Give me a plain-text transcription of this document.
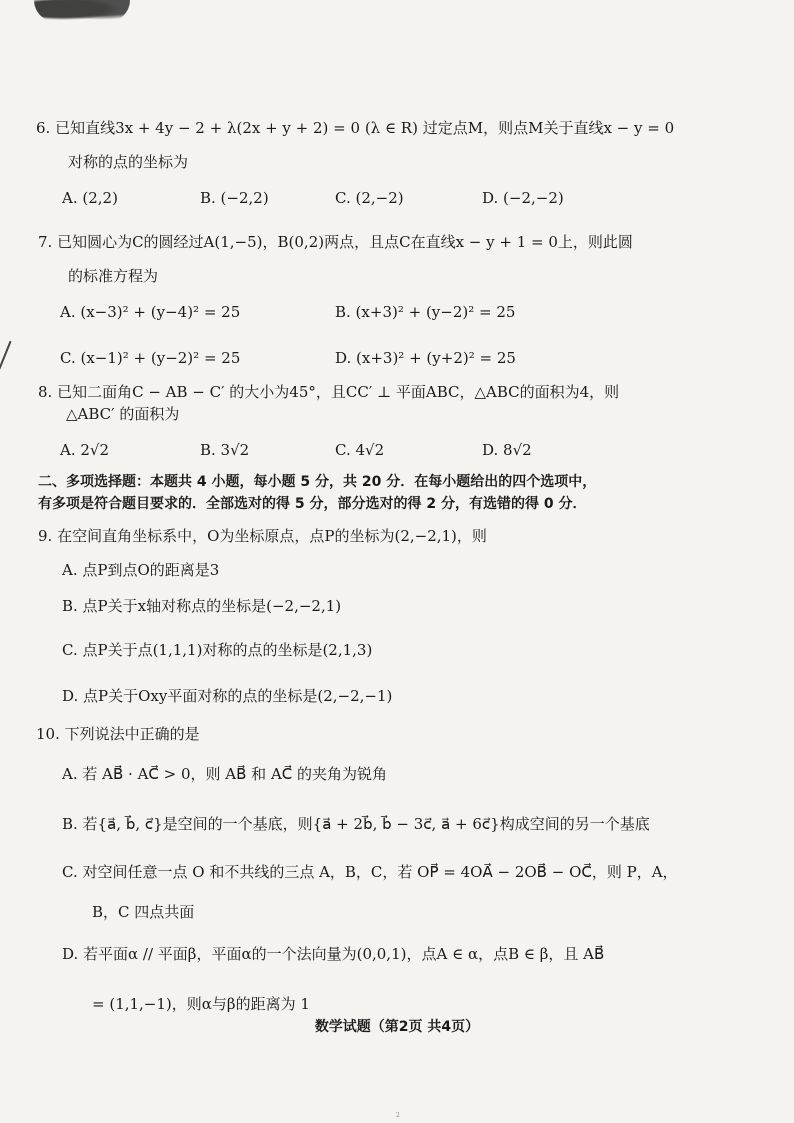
6. 已知直线3x + 4y − 2 + λ(2x + y + 2) = 0 (λ ∈ R) 过定点M，则点M关于直线x − y = 0
对称的点的坐标为
A. (2,2)	B. (−2,2)	C. (2,−2)	D. (−2,−2)
7. 已知圆心为C的圆经过A(1,−5)，B(0,2)两点，且点C在直线x − y + 1 = 0上，则此圆
的标准方程为
A. (x−3)² + (y−4)² = 25	B. (x+3)² + (y−2)² = 25
C. (x−1)² + (y−2)² = 25	D. (x+3)² + (y+2)² = 25
8. 已知二面角C − AB − C′ 的大小为45°，且CC′ ⊥ 平面ABC，△ABC的面积为4，则
△ABC′ 的面积为
A. 2√2	B. 3√2	C. 4√2	D. 8√2
二、多项选择题：本题共 4 小题，每小题 5 分，共 20 分．在每小题给出的四个选项中，
有多项是符合题目要求的．全部选对的得 5 分，部分选对的得 2 分，有选错的得 0 分．
9. 在空间直角坐标系中，O为坐标原点，点P的坐标为(2,−2,1)，则
A. 点P到点O的距离是3
B. 点P关于x轴对称点的坐标是(−2,−2,1)
C. 点P关于点(1,1,1)对称的点的坐标是(2,1,3)
D. 点P关于Oxy平面对称的点的坐标是(2,−2,−1)
10. 下列说法中正确的是
A. 若 AB⃗ · AC⃗ > 0，则 AB⃗ 和 AC⃗ 的夹角为锐角
B. 若{a⃗, b⃗, c⃗}是空间的一个基底，则{a⃗ + 2b⃗, b⃗ − 3c⃗, a⃗ + 6c⃗}构成空间的另一个基底
C. 对空间任意一点 O 和不共线的三点 A，B，C，若 OP⃗ = 4OA⃗ − 2OB⃗ − OC⃗，则 P，A，
B，C 四点共面
D. 若平面α // 平面β，平面α的一个法向量为(0,0,1)，点A ∈ α，点B ∈ β，且 AB⃗
= (1,1,−1)，则α与β的距离为 1
数学试题（第2页 共4页）
2
